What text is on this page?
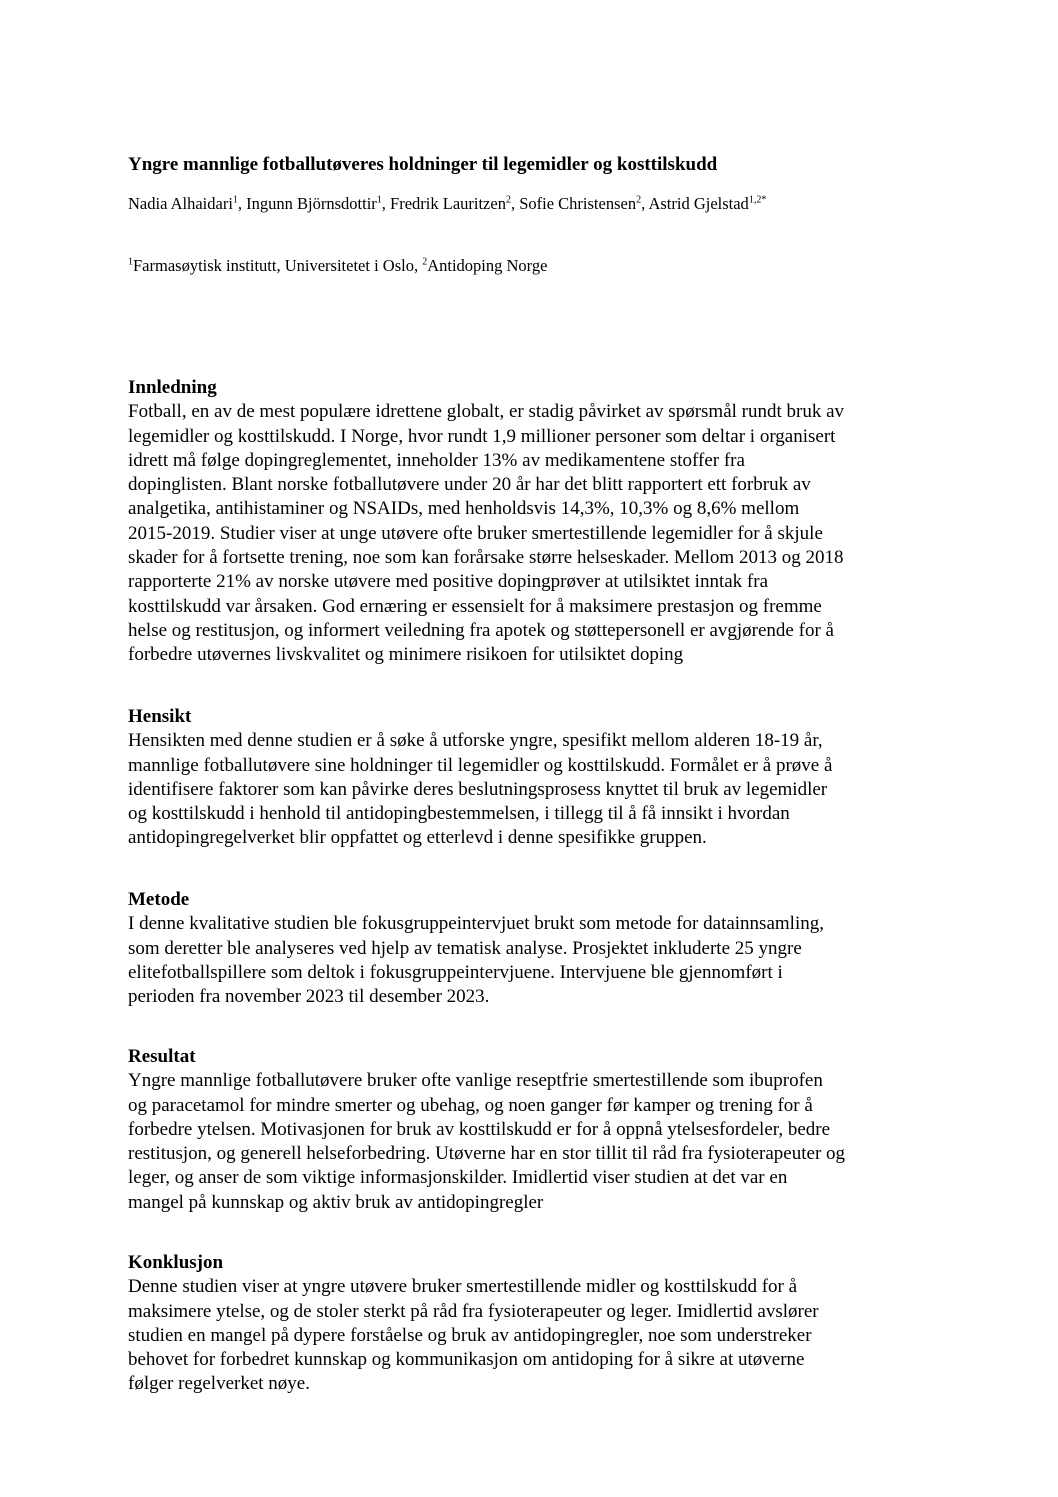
Yngre mannlige fotballutøveres holdninger til legemidler og kosttilskudd
Nadia Alhaidari$^1$, Ingunn Björnsdottir$^1$, Fredrik Lauritzen$^2$, Sofie Christensen$^2$, Astrid Gjelstad$^{1,2*}$
$^1$Farmasøytisk institutt, Universitetet i Oslo, $^2$Antidoping Norge
Innledning

Fotball, en av de mest populære idrettene globalt, er stadig påvirket av spørsmål rundt bruk av
legemidler og kosttilskudd. I Norge, hvor rundt 1,9 millioner personer som deltar i organisert
idrett må følge dopingreglementet, inneholder 13% av medikamentene stoffer fra
dopinglisten. Blant norske fotballutøvere under 20 år har det blitt rapportert ett forbruk av
analgetika, antihistaminer og NSAIDs, med henholdsvis 14,3%, 10,3% og 8,6% mellom
2015-2019. Studier viser at unge utøvere ofte bruker smertestillende legemidler for å skjule
skader for å fortsette trening, noe som kan forårsake større helseskader. Mellom 2013 og 2018
rapporterte 21% av norske utøvere med positive dopingprøver at utilsiktet inntak fra
kosttilskudd var årsaken. God ernæring er essensielt for å maksimere prestasjon og fremme
helse og restitusjon, og informert veiledning fra apotek og støttepersonell er avgjørende for å
forbedre utøvernes livskvalitet og minimere risikoen for utilsiktet doping

Hensikt

Hensikten med denne studien er å søke å utforske yngre, spesifikt mellom alderen 18-19 år,
mannlige fotballutøvere sine holdninger til legemidler og kosttilskudd. Formålet er å prøve å
identifisere faktorer som kan påvirke deres beslutningsprosess knyttet til bruk av legemidler
og kosttilskudd i henhold til antidopingbestemmelsen, i tillegg til å få innsikt i hvordan
antidopingregelverket blir oppfattet og etterlevd i denne spesifikke gruppen.

Metode

I denne kvalitative studien ble fokusgruppeintervjuet brukt som metode for datainnsamling,
som deretter ble analyseres ved hjelp av tematisk analyse. Prosjektet inkluderte 25 yngre
elitefotballspillere som deltok i fokusgruppeintervjuene. Intervjuene ble gjennomført i
perioden fra november 2023 til desember 2023.

Resultat

Yngre mannlige fotballutøvere bruker ofte vanlige reseptfrie smertestillende som ibuprofen
og paracetamol for mindre smerter og ubehag, og noen ganger før kamper og trening for å
forbedre ytelsen. Motivasjonen for bruk av kosttilskudd er for å oppnå ytelsesfordeler, bedre
restitusjon, og generell helseforbedring. Utøverne har en stor tillit til råd fra fysioterapeuter og
leger, og anser de som viktige informasjonskilder. Imidlertid viser studien at det var en
mangel på kunnskap og aktiv bruk av antidopingregler

Konklusjon

Denne studien viser at yngre utøvere bruker smertestillende midler og kosttilskudd for å
maksimere ytelse, og de stoler sterkt på råd fra fysioterapeuter og leger. Imidlertid avslører
studien en mangel på dypere forståelse og bruk av antidopingregler, noe som understreker
behovet for forbedret kunnskap og kommunikasjon om antidoping for å sikre at utøverne
følger regelverket nøye.
